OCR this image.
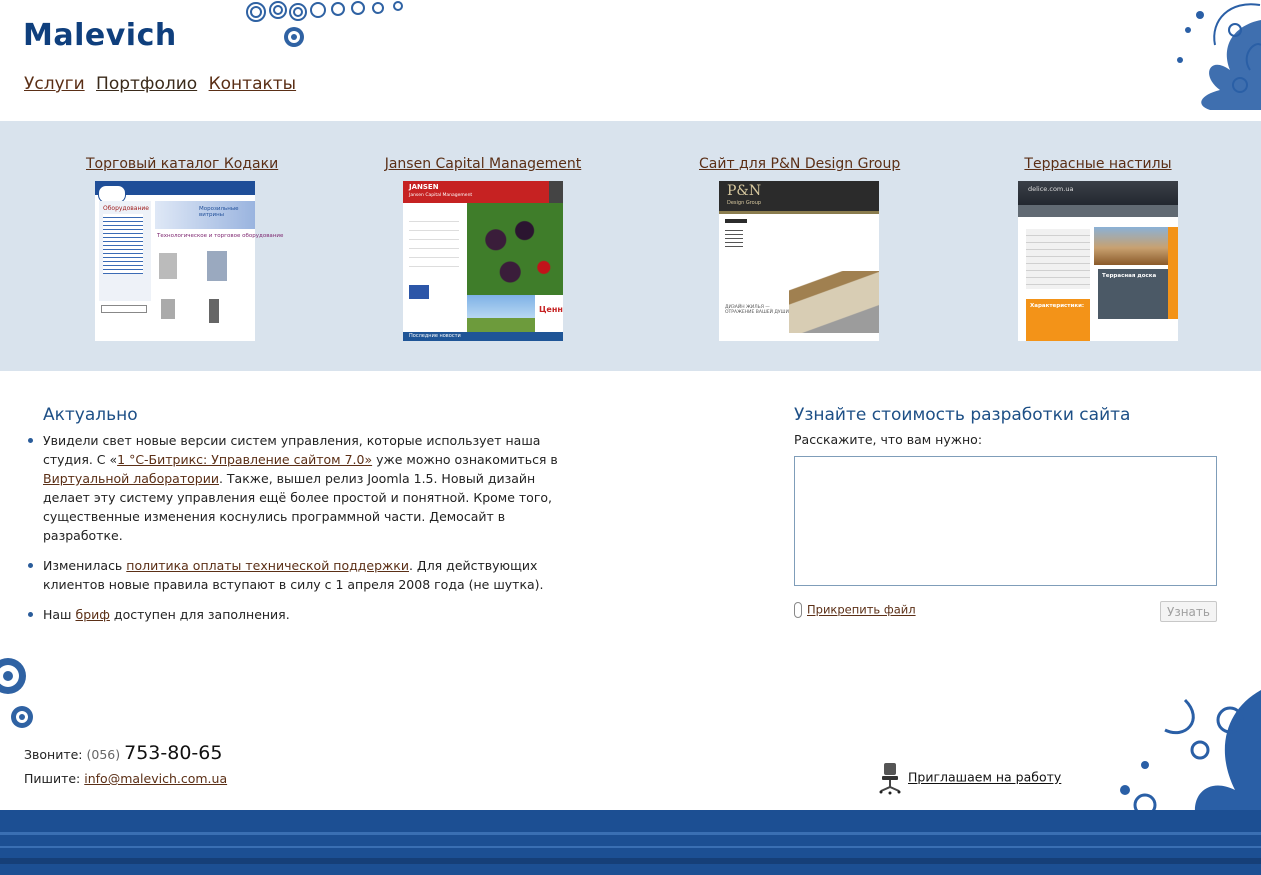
Malevich
Услуги Портфолио Контакты
Торговый каталог Кодаки
Оборудование	Морозильные витрины
Технологическое и торговое оборудование
Jansen Capital Management
JANSEN
Jansen Capital Management
Ценн
Последние новости
Сайт для P&N Design Group
P&N
Design Group
ДИЗАЙН ЖИЛЬЯ — ОТРАЖЕНИЕ ВАШЕЙ ДУШИ
Террасные настилы
delice.com.ua
Террасная доска
Характеристики:
Актуально
Увидели свет новые версии систем управления, которые использует наша студия. С «1 °С-Битрикс: Управление сайтом 7.0» уже можно ознакомиться в Виртуальной лаборатории. Также, вышел релиз Joomla 1.5. Новый дизайн делает эту систему управления ещё более простой и понятной. Кроме того, существенные изменения коснулись программной части. Демосайт в разработке.
Изменилась политика оплаты технической поддержки. Для действующих клиентов новые правила вступают в силу с 1 апреля 2008 года (не шутка).
Наш бриф доступен для заполнения.
Узнайте стоимость разработки сайта
Расскажите, что вам нужно:
Прикрепить файл	Узнать
Звоните: (056) 753-80-65
Пишите: info@malevich.com.ua	Приглашаем на работу
